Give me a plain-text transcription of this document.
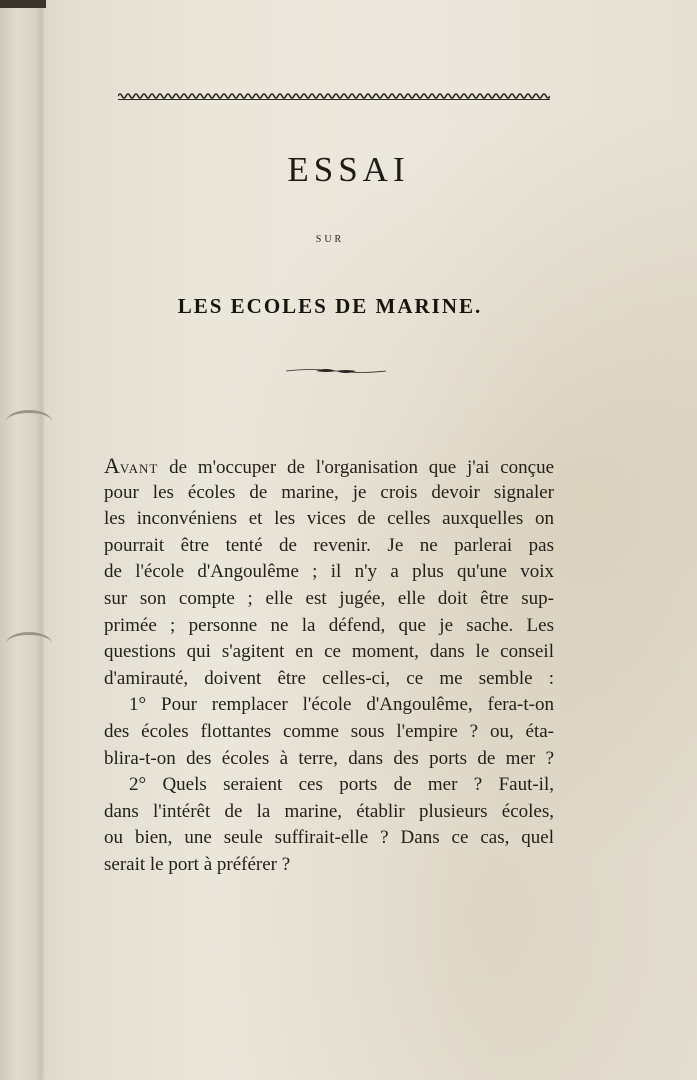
ESSAI
SUR
LES ECOLES DE MARINE.
AVANT de m'occuper de l'organisation que j'ai conçue
pour les écoles de marine, je crois devoir signaler
les inconvéniens et les vices de celles auxquelles on
pourrait être tenté de revenir. Je ne parlerai pas
de l'école d'Angoulême ; il n'y a plus qu'une voix
sur son compte ; elle est jugée, elle doit être sup-
primée ; personne ne la défend, que je sache. Les
questions qui s'agitent en ce moment, dans le conseil
d'amirauté, doivent être celles-ci, ce me semble :
1° Pour remplacer l'école d'Angoulême, fera-t-on
des écoles flottantes comme sous l'empire ? ou, éta-
blira-t-on des écoles à terre, dans des ports de mer ?
2° Quels seraient ces ports de mer ? Faut-il,
dans l'intérêt de la marine, établir plusieurs écoles,
ou bien, une seule suffirait-elle ? Dans ce cas, quel
serait le port à préférer ?
